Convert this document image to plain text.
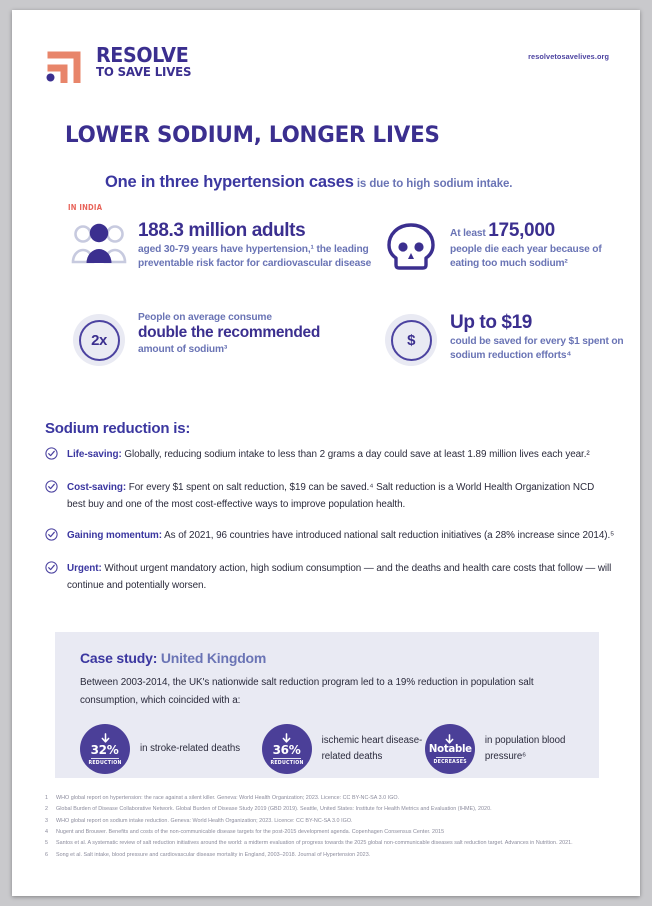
RESOLVE
TO SAVE LIVES
resolvetosavelives.org
LOWER SODIUM, LONGER LIVES
One in three hypertension cases is due to high sodium intake.
IN INDIA
188.3 million adults
aged 30-79 years have hypertension,¹ the leading preventable risk factor for cardiovascular disease
At least 175,000
people die each year because of eating too much sodium²
2x
People on average consume
double the recommended
amount of sodium³
$
Up to $19
could be saved for every $1 spent on sodium reduction efforts⁴
Sodium reduction is:
Life-saving: Globally, reducing sodium intake to less than 2 grams a day could save at least 1.89 million lives each year.²
Cost-saving: For every $1 spent on salt reduction, $19 can be saved.⁴ Salt reduction is a World Health Organization NCD best buy and one of the most cost-effective ways to improve population health.
Gaining momentum: As of 2021, 96 countries have introduced national salt reduction initiatives (a 28% increase since 2014).⁵
Urgent: Without urgent mandatory action, high sodium consumption — and the deaths and health care costs that follow — will continue and potentially worsen.
Case study: United Kingdom
Between 2003-2014, the UK's nationwide salt reduction program led to a 19% reduction in population salt consumption, which coincided with a:
32%
REDUCTION
in stroke-related deaths	36%
REDUCTION
ischemic heart disease-related deaths
Notable
DECREASES
in population blood pressure⁶
1	WHO global report on hypertension: the race against a silent killer. Geneva: World Health Organization; 2023. Licence: CC BY-NC-SA 3.0 IGO.
2	Global Burden of Disease Collaborative Network. Global Burden of Disease Study 2019 (GBD 2019). Seattle, United States: Institute for Health Metrics and Evaluation (IHME), 2020.
3	WHO global report on sodium intake reduction. Geneva: World Health Organization; 2023. Licence: CC BY-NC-SA 3.0 IGO.
4	Nugent and Brouwer. Benefits and costs of the non-communicable disease targets for the post-2015 development agenda. Copenhagen Consensus Center. 2015
5	Santos et al. A systematic review of salt reduction initiatives around the world: a midterm evaluation of progress towards the 2025 global non-communicable diseases salt reduction target. Advances in Nutrition. 2021.
6	Song et al. Salt intake, blood pressure and cardiovascular disease mortality in England, 2003–2018. Journal of Hypertension 2023.
